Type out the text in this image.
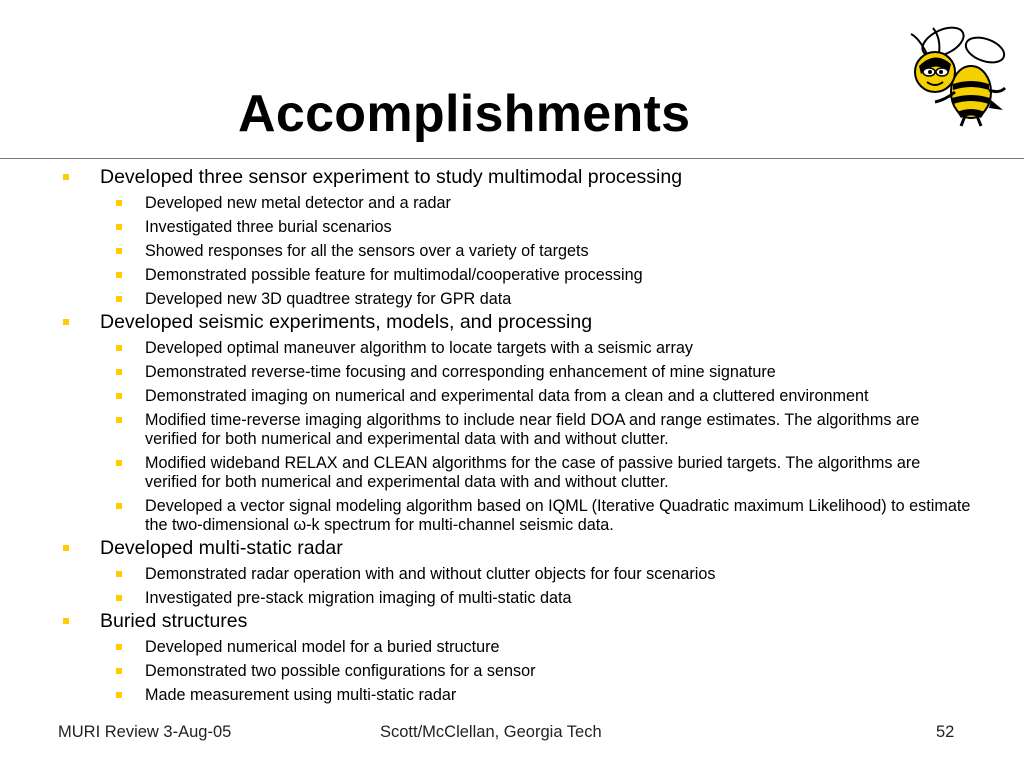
Accomplishments
Developed three sensor experiment to study multimodal processing
Developed new metal detector and a radar
Investigated three burial scenarios
Showed responses for all the sensors over a variety of targets
Demonstrated possible feature for multimodal/cooperative processing
Developed new 3D quadtree strategy for GPR data
Developed seismic experiments, models, and processing
Developed optimal maneuver algorithm to locate targets with a seismic array
Demonstrated reverse-time focusing and corresponding enhancement of mine signature
Demonstrated imaging on numerical and experimental data from a clean and a cluttered environment
Modified time-reverse imaging algorithms to include near field DOA and range estimates. The algorithms are verified for both numerical and experimental data with and without clutter.
Modified wideband RELAX and CLEAN algorithms for the case of passive buried targets. The algorithms are verified for both numerical and experimental data with and without clutter.
Developed a vector signal modeling algorithm based on IQML (Iterative Quadratic maximum Likelihood) to estimate the two-dimensional ω-k spectrum for multi-channel seismic data.
Developed multi-static radar
Demonstrated radar operation with and without clutter objects for four scenarios
Investigated pre-stack migration imaging of multi-static data
Buried structures
Developed numerical model for a buried structure
Demonstrated two possible configurations for a sensor
Made measurement using multi-static radar
MURI Review 3-Aug-05	Scott/McClellan, Georgia Tech	52
